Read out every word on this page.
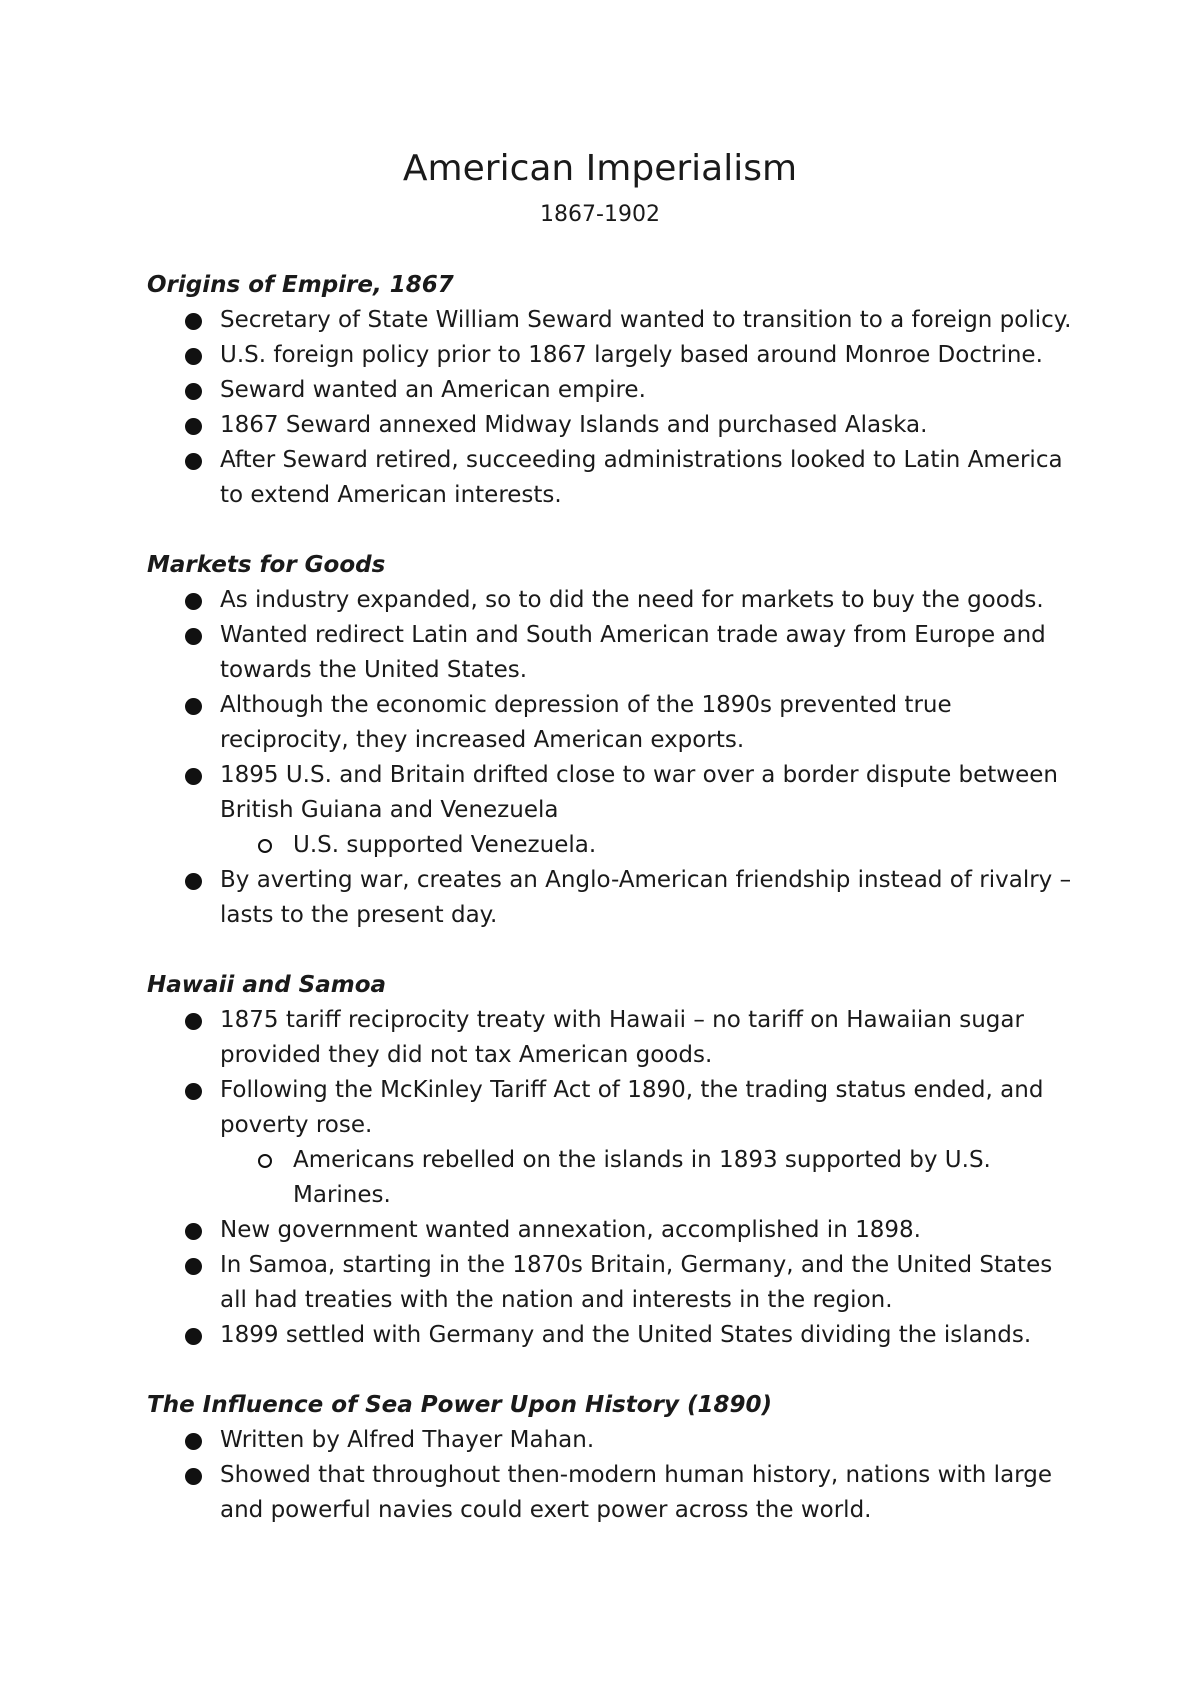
American Imperialism
1867-1902
Origins of Empire, 1867
Secretary of State William Seward wanted to transition to a foreign policy.
U.S. foreign policy prior to 1867 largely based around Monroe Doctrine.
Seward wanted an American empire.
1867 Seward annexed Midway Islands and purchased Alaska.
After Seward retired, succeeding administrations looked to Latin America to extend American interests.
Markets for Goods
As industry expanded, so to did the need for markets to buy the goods.
Wanted redirect Latin and South American trade away from Europe and towards the United States.
Although the economic depression of the 1890s prevented true reciprocity, they increased American exports.
1895 U.S. and Britain drifted close to war over a border dispute between British Guiana and Venezuela
U.S. supported Venezuela.
By averting war, creates an Anglo-American friendship instead of rivalry – lasts to the present day.
Hawaii and Samoa
1875 tariff reciprocity treaty with Hawaii – no tariff on Hawaiian sugar provided they did not tax American goods.
Following the McKinley Tariff Act of 1890, the trading status ended, and poverty rose.
Americans rebelled on the islands in 1893 supported by U.S. Marines.
New government wanted annexation, accomplished in 1898.
In Samoa, starting in the 1870s Britain, Germany, and the United States all had treaties with the nation and interests in the region.
1899 settled with Germany and the United States dividing the islands.
The Influence of Sea Power Upon History (1890)
Written by Alfred Thayer Mahan.
Showed that throughout then-modern human history, nations with large and powerful navies could exert power across the world.
